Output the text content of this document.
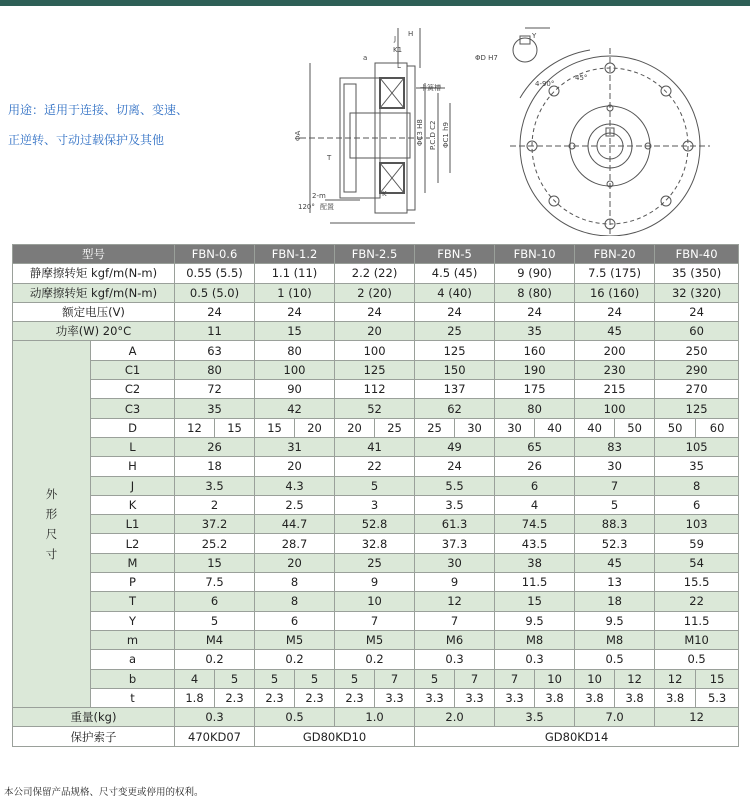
用途：适用于连接、切离、变速、
正逆转、寸动过载保护及其他
H
J
a
K1
L
卡簧槽
ΦA	ΦC3 H8 P.C.D C2 ΦC1 h9
T
2-m
120° 配置
K
ΦD H7
4-90°
45°
Y
型号		FBN-0.6		FBN-1.2		FBN-2.5		FBN-5		FBN-10		FBN-20		FBN-40	
静摩擦转矩 kgf/m(N-m)		0.55 (5.5)		1.1 (11)		2.2 (22)		4.5 (45)		9 (90)		7.5 (175)		35 (350)	
动摩擦转矩 kgf/m(N-m)		0.5 (5.0)		1 (10)		2 (20)		4 (40)		8 (80)		16 (160)		32 (320)	
额定电压(V)		24		24		24		24		24		24		24	
功率(W) 20°C		11		15		20		25		35		45		60	

外
形
尺
寸	A	63		80		100		125		160		200		250	
	C1	80		100		125		150		190		230		290	
	C2	72		90		112		137		175		215		270	
	C3	35		42		52		62		80		100		125	
	D	12	15	15	20	20	25	25	30	30	40	40	50	50	60
	L	26		31		41		49		65		83		105	
	H	18		20		22		24		26		30		35	
	J	3.5		4.3		5		5.5		6		7		8	
	K	2		2.5		3		3.5		4		5		6	
	L1	37.2		44.7		52.8		61.3		74.5		88.3		103	
	L2	25.2		28.7		32.8		37.3		43.5		52.3		59	
	M	15		20		25		30		38		45		54	
	P	7.5		8		9		9		11.5		13		15.5	
	T	6		8		10		12		15		18		22	
	Y	5		6		7		7		9.5		9.5		11.5	
	m	M4		M5		M5		M6		M8		M8		M10	
	a	0.2		0.2		0.2		0.3		0.3		0.5		0.5	
	b	4	5	5	5	5	7	5	7	7	10	10	12	12	15
	t	1.8	2.3	2.3	2.3	2.3	3.3	3.3	3.3	3.3	3.8	3.8	3.8	3.8	5.3
重量(kg)		0.3		0.5		1.0		2.0		3.5		7.0		12	
保护索子		470KD07		GD80KD10				GD80KD14							
本公司保留产品规格、尺寸变更或停用的权利。
